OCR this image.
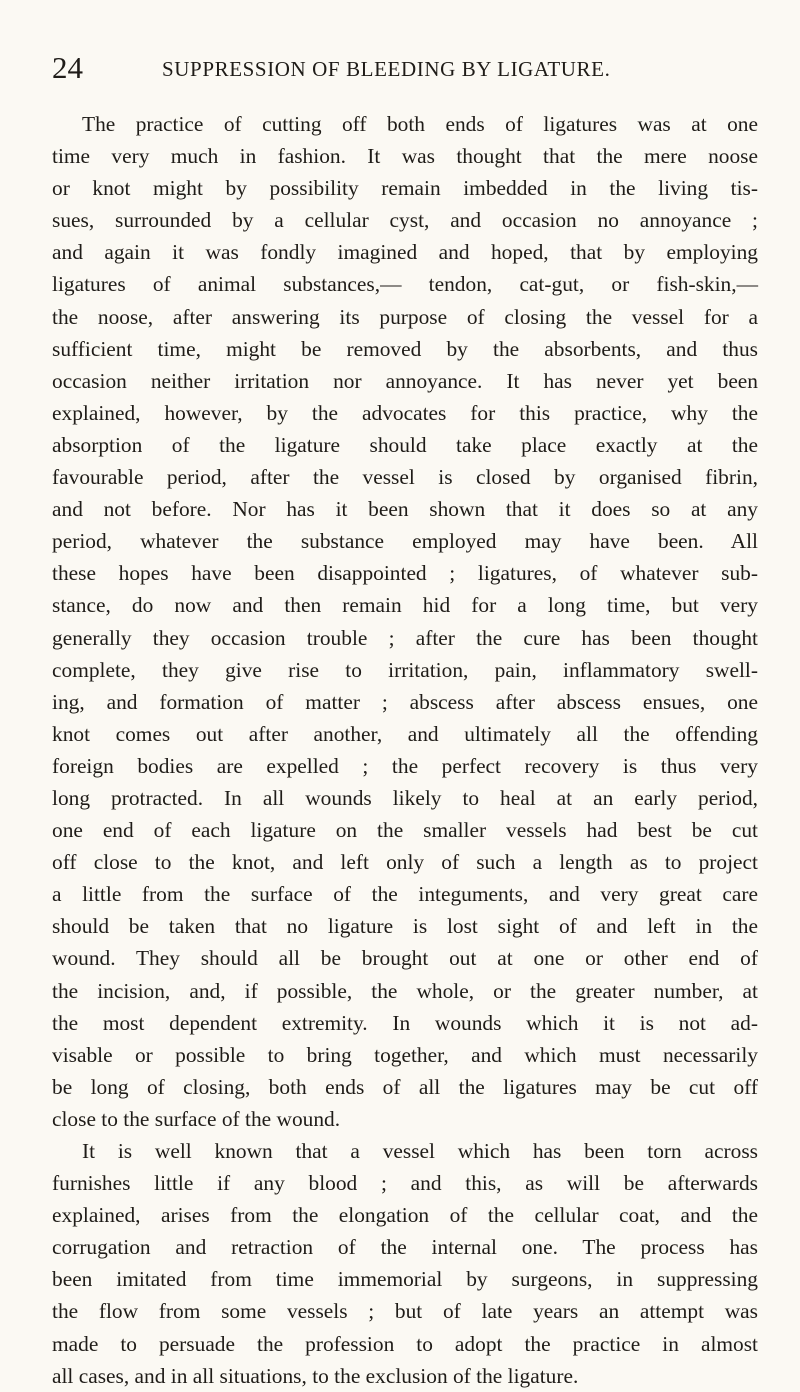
24	SUPPRESSION OF BLEEDING BY LIGATURE.
The practice of cutting off both ends of ligatures was at one
time very much in fashion. It was thought that the mere noose
or knot might by possibility remain imbedded in the living tis-
sues, surrounded by a cellular cyst, and occasion no annoyance ;
and again it was fondly imagined and hoped, that by employing
ligatures of animal substances,— tendon, cat-gut, or fish-skin,—
the noose, after answering its purpose of closing the vessel for a
sufficient time, might be removed by the absorbents, and thus
occasion neither irritation nor annoyance. It has never yet been
explained, however, by the advocates for this practice, why the
absorption of the ligature should take place exactly at the
favourable period, after the vessel is closed by organised fibrin,
and not before. Nor has it been shown that it does so at any
period, whatever the substance employed may have been. All
these hopes have been disappointed ; ligatures, of whatever sub-
stance, do now and then remain hid for a long time, but very
generally they occasion trouble ; after the cure has been thought
complete, they give rise to irritation, pain, inflammatory swell-
ing, and formation of matter ; abscess after abscess ensues, one
knot comes out after another, and ultimately all the offending
foreign bodies are expelled ; the perfect recovery is thus very
long protracted. In all wounds likely to heal at an early period,
one end of each ligature on the smaller vessels had best be cut
off close to the knot, and left only of such a length as to project
a little from the surface of the integuments, and very great care
should be taken that no ligature is lost sight of and left in the
wound. They should all be brought out at one or other end of
the incision, and, if possible, the whole, or the greater number, at
the most dependent extremity. In wounds which it is not ad-
visable or possible to bring together, and which must necessarily
be long of closing, both ends of all the ligatures may be cut off
close to the surface of the wound.
It is well known that a vessel which has been torn across
furnishes little if any blood ; and this, as will be afterwards
explained, arises from the elongation of the cellular coat, and the
corrugation and retraction of the internal one. The process has
been imitated from time immemorial by surgeons, in suppressing
the flow from some vessels ; but of late years an attempt was
made to persuade the profession to adopt the practice in almost
all cases, and in all situations, to the exclusion of the ligature.
